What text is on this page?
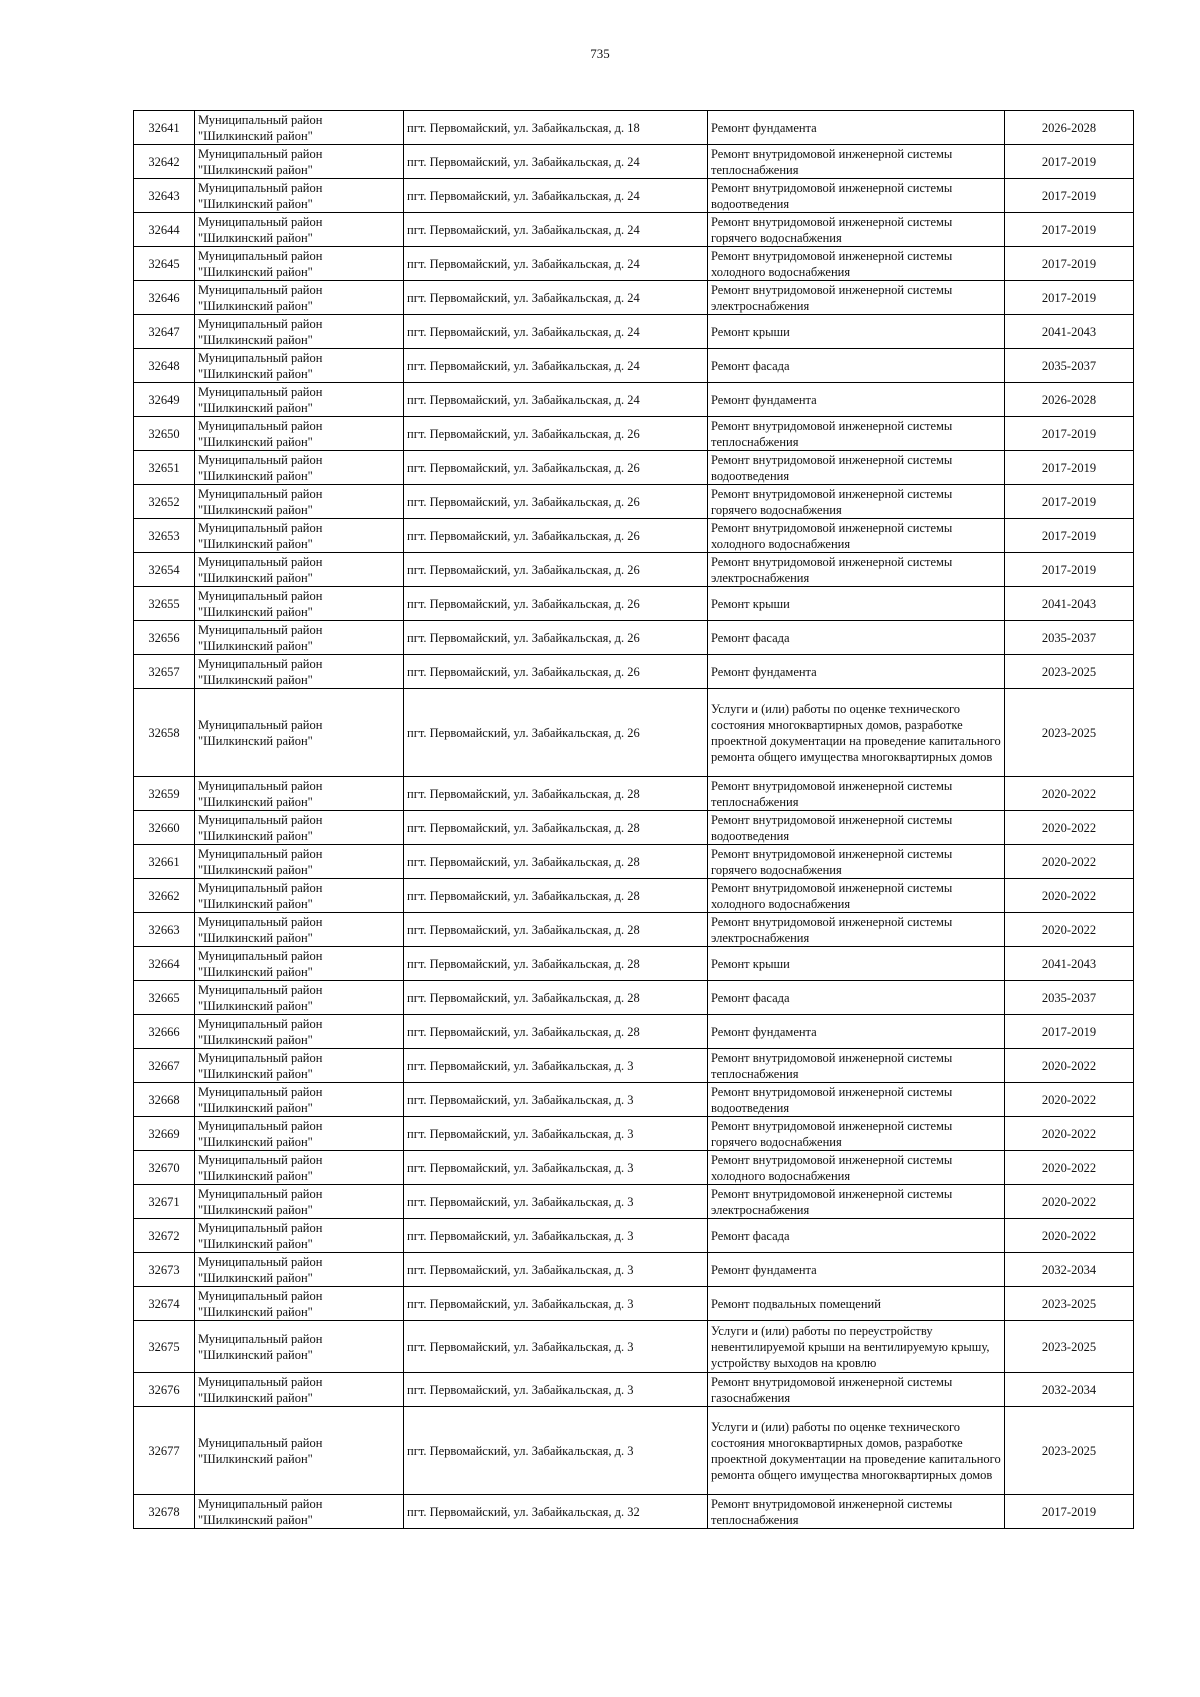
735
32641	Муниципальный район "Шилкинский район"	пгт. Первомайский, ул. Забайкальская, д. 18	Ремонт фундамента	2026-2028
32642	Муниципальный район "Шилкинский район"	пгт. Первомайский, ул. Забайкальская, д. 24	Ремонт внутридомовой инженерной системы теплоснабжения	2017-2019
32643	Муниципальный район "Шилкинский район"	пгт. Первомайский, ул. Забайкальская, д. 24	Ремонт внутридомовой инженерной системы водоотведения	2017-2019
32644	Муниципальный район "Шилкинский район"	пгт. Первомайский, ул. Забайкальская, д. 24	Ремонт внутридомовой инженерной системы горячего водоснабжения	2017-2019
32645	Муниципальный район "Шилкинский район"	пгт. Первомайский, ул. Забайкальская, д. 24	Ремонт внутридомовой инженерной системы холодного водоснабжения	2017-2019
32646	Муниципальный район "Шилкинский район"	пгт. Первомайский, ул. Забайкальская, д. 24	Ремонт внутридомовой инженерной системы электроснабжения	2017-2019
32647	Муниципальный район "Шилкинский район"	пгт. Первомайский, ул. Забайкальская, д. 24	Ремонт крыши	2041-2043
32648	Муниципальный район "Шилкинский район"	пгт. Первомайский, ул. Забайкальская, д. 24	Ремонт фасада	2035-2037
32649	Муниципальный район "Шилкинский район"	пгт. Первомайский, ул. Забайкальская, д. 24	Ремонт фундамента	2026-2028
32650	Муниципальный район "Шилкинский район"	пгт. Первомайский, ул. Забайкальская, д. 26	Ремонт внутридомовой инженерной системы теплоснабжения	2017-2019
32651	Муниципальный район "Шилкинский район"	пгт. Первомайский, ул. Забайкальская, д. 26	Ремонт внутридомовой инженерной системы водоотведения	2017-2019
32652	Муниципальный район "Шилкинский район"	пгт. Первомайский, ул. Забайкальская, д. 26	Ремонт внутридомовой инженерной системы горячего водоснабжения	2017-2019
32653	Муниципальный район "Шилкинский район"	пгт. Первомайский, ул. Забайкальская, д. 26	Ремонт внутридомовой инженерной системы холодного водоснабжения	2017-2019
32654	Муниципальный район "Шилкинский район"	пгт. Первомайский, ул. Забайкальская, д. 26	Ремонт внутридомовой инженерной системы электроснабжения	2017-2019
32655	Муниципальный район "Шилкинский район"	пгт. Первомайский, ул. Забайкальская, д. 26	Ремонт крыши	2041-2043
32656	Муниципальный район "Шилкинский район"	пгт. Первомайский, ул. Забайкальская, д. 26	Ремонт фасада	2035-2037
32657	Муниципальный район "Шилкинский район"	пгт. Первомайский, ул. Забайкальская, д. 26	Ремонт фундамента	2023-2025
32658	Муниципальный район "Шилкинский район"	пгт. Первомайский, ул. Забайкальская, д. 26	Услуги и (или) работы по оценке технического состояния многоквартирных домов, разработке проектной документации на проведение капитального ремонта общего имущества многоквартирных домов	2023-2025
32659	Муниципальный район "Шилкинский район"	пгт. Первомайский, ул. Забайкальская, д. 28	Ремонт внутридомовой инженерной системы теплоснабжения	2020-2022
32660	Муниципальный район "Шилкинский район"	пгт. Первомайский, ул. Забайкальская, д. 28	Ремонт внутридомовой инженерной системы водоотведения	2020-2022
32661	Муниципальный район "Шилкинский район"	пгт. Первомайский, ул. Забайкальская, д. 28	Ремонт внутридомовой инженерной системы горячего водоснабжения	2020-2022
32662	Муниципальный район "Шилкинский район"	пгт. Первомайский, ул. Забайкальская, д. 28	Ремонт внутридомовой инженерной системы холодного водоснабжения	2020-2022
32663	Муниципальный район "Шилкинский район"	пгт. Первомайский, ул. Забайкальская, д. 28	Ремонт внутридомовой инженерной системы электроснабжения	2020-2022
32664	Муниципальный район "Шилкинский район"	пгт. Первомайский, ул. Забайкальская, д. 28	Ремонт крыши	2041-2043
32665	Муниципальный район "Шилкинский район"	пгт. Первомайский, ул. Забайкальская, д. 28	Ремонт фасада	2035-2037
32666	Муниципальный район "Шилкинский район"	пгт. Первомайский, ул. Забайкальская, д. 28	Ремонт фундамента	2017-2019
32667	Муниципальный район "Шилкинский район"	пгт. Первомайский, ул. Забайкальская, д. 3	Ремонт внутридомовой инженерной системы теплоснабжения	2020-2022
32668	Муниципальный район "Шилкинский район"	пгт. Первомайский, ул. Забайкальская, д. 3	Ремонт внутридомовой инженерной системы водоотведения	2020-2022
32669	Муниципальный район "Шилкинский район"	пгт. Первомайский, ул. Забайкальская, д. 3	Ремонт внутридомовой инженерной системы горячего водоснабжения	2020-2022
32670	Муниципальный район "Шилкинский район"	пгт. Первомайский, ул. Забайкальская, д. 3	Ремонт внутридомовой инженерной системы холодного водоснабжения	2020-2022
32671	Муниципальный район "Шилкинский район"	пгт. Первомайский, ул. Забайкальская, д. 3	Ремонт внутридомовой инженерной системы электроснабжения	2020-2022
32672	Муниципальный район "Шилкинский район"	пгт. Первомайский, ул. Забайкальская, д. 3	Ремонт фасада	2020-2022
32673	Муниципальный район "Шилкинский район"	пгт. Первомайский, ул. Забайкальская, д. 3	Ремонт фундамента	2032-2034
32674	Муниципальный район "Шилкинский район"	пгт. Первомайский, ул. Забайкальская, д. 3	Ремонт подвальных помещений	2023-2025
32675	Муниципальный район "Шилкинский район"	пгт. Первомайский, ул. Забайкальская, д. 3	Услуги и (или) работы по переустройству невентилируемой крыши на вентилируемую крышу, устройству выходов на кровлю	2023-2025
32676	Муниципальный район "Шилкинский район"	пгт. Первомайский, ул. Забайкальская, д. 3	Ремонт внутридомовой инженерной системы газоснабжения	2032-2034
32677	Муниципальный район "Шилкинский район"	пгт. Первомайский, ул. Забайкальская, д. 3	Услуги и (или) работы по оценке технического состояния многоквартирных домов, разработке проектной документации на проведение капитального ремонта общего имущества многоквартирных домов	2023-2025
32678	Муниципальный район "Шилкинский район"	пгт. Первомайский, ул. Забайкальская, д. 32	Ремонт внутридомовой инженерной системы теплоснабжения	2017-2019
